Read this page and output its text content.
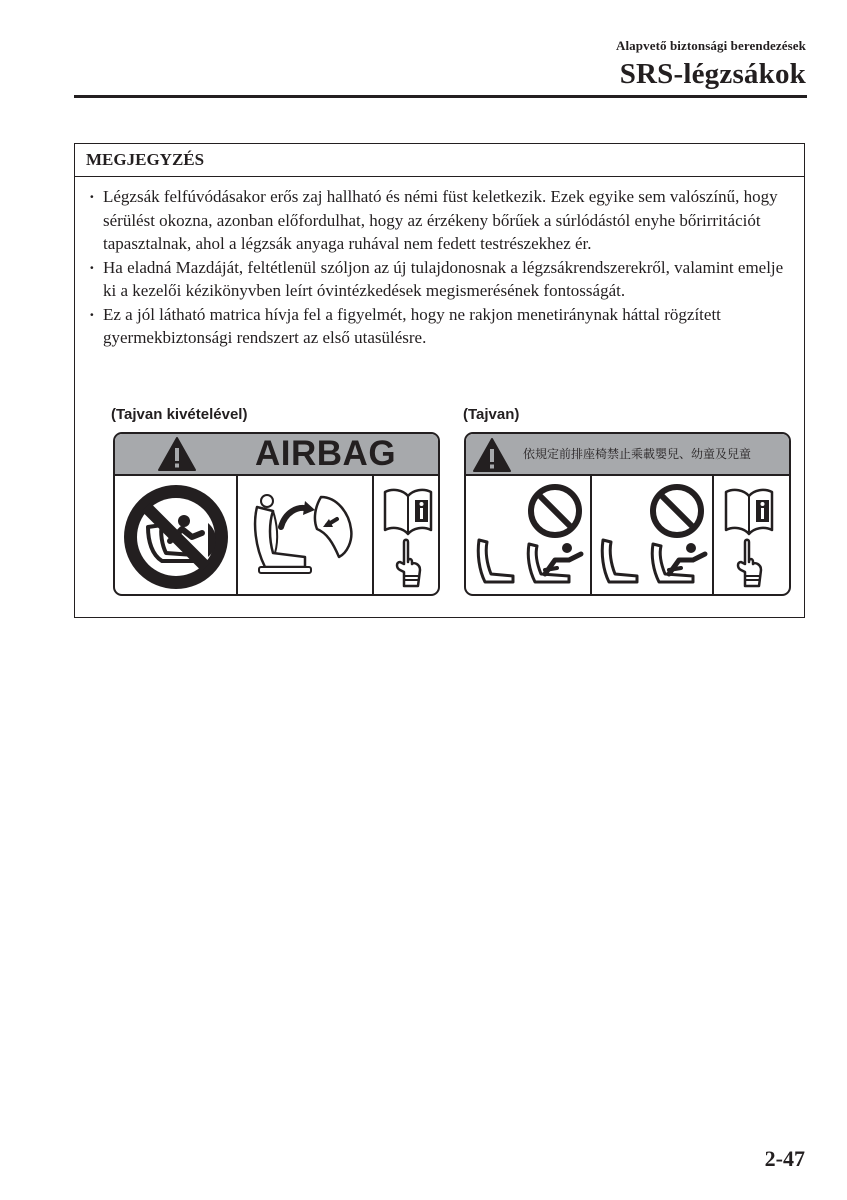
Alapvető biztonsági berendezések
SRS-légzsákok
MEGJEGYZÉS
· Légzsák felfúvódásakor erős zaj hallható és némi füst keletkezik. Ezek egyike sem valószínű, hogy sérülést okozna, azonban előfordulhat, hogy az érzékeny bőrűek a súrlódástól enyhe bőrirritációt tapasztalnak, ahol a légzsák anyaga ruhával nem fedett testrészekhez ér.
· Ha eladná Mazdáját, feltétlenül szóljon az új tulajdonosnak a légzsákrendszerekről, valamint emelje ki a kezelői kézikönyvben leírt óvintézkedések megismerésének fontosságát.
· Ez a jól látható matrica hívja fel a figyelmét, hogy ne rakjon menetiránynak háttal rögzített gyermekbiztonsági rendszert az első utasülésre.
(Tajvan kivételével)	(Tajvan)
AIRBAG	依規定前排座椅禁止乘載嬰兒、幼童及兒童
2-47
